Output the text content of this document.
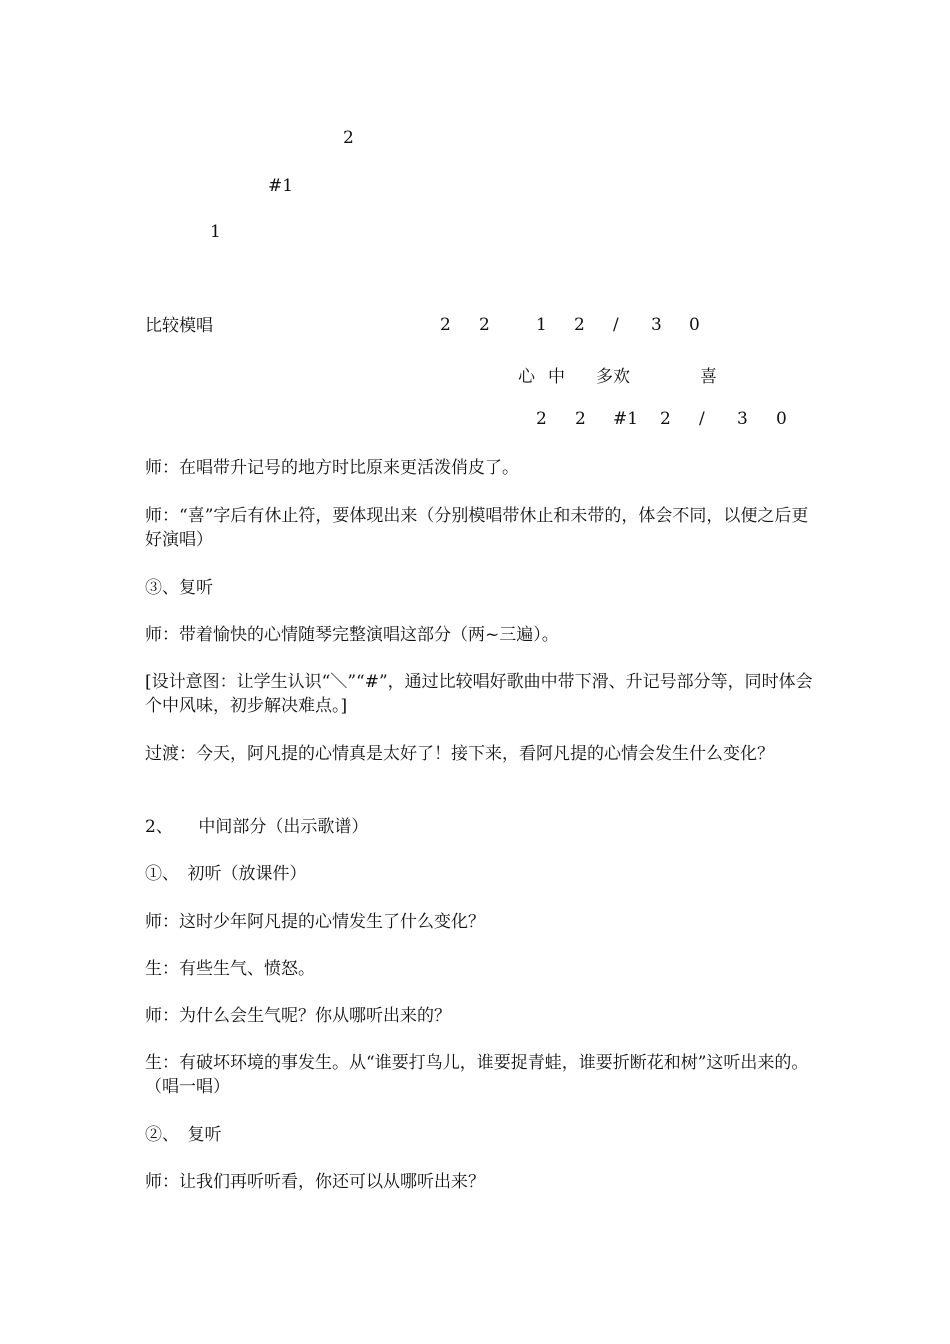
2
#1
1
比较模唱	2 2	1 2 / 3 0
心 中 多欢	喜
2 2 #1 2 / 3 0
师：在唱带升记号的地方时比原来更活泼俏皮了。
师：“喜”字后有休止符，要体现出来（分别模唱带休止和未带的，体会不同，以便之后更好演唱）
③、复听
师：带着愉快的心情随琴完整演唱这部分（两~三遍）。
[设计意图：让学生认识“＼”“#”，通过比较唱好歌曲中带下滑、升记号部分等，同时体会个中风味，初步解决难点。]
过渡：今天，阿凡提的心情真是太好了！接下来，看阿凡提的心情会发生什么变化？
2、　　中间部分（出示歌谱）
①、　初听（放课件）
师：这时少年阿凡提的心情发生了什么变化？
生：有些生气、愤怒。
师：为什么会生气呢？你从哪听出来的？
生：有破坏环境的事发生。从“谁要打鸟儿，谁要捉青蛙，谁要折断花和树”这听出来的。（唱一唱）
②、　复听
师：让我们再听听看，你还可以从哪听出来？
